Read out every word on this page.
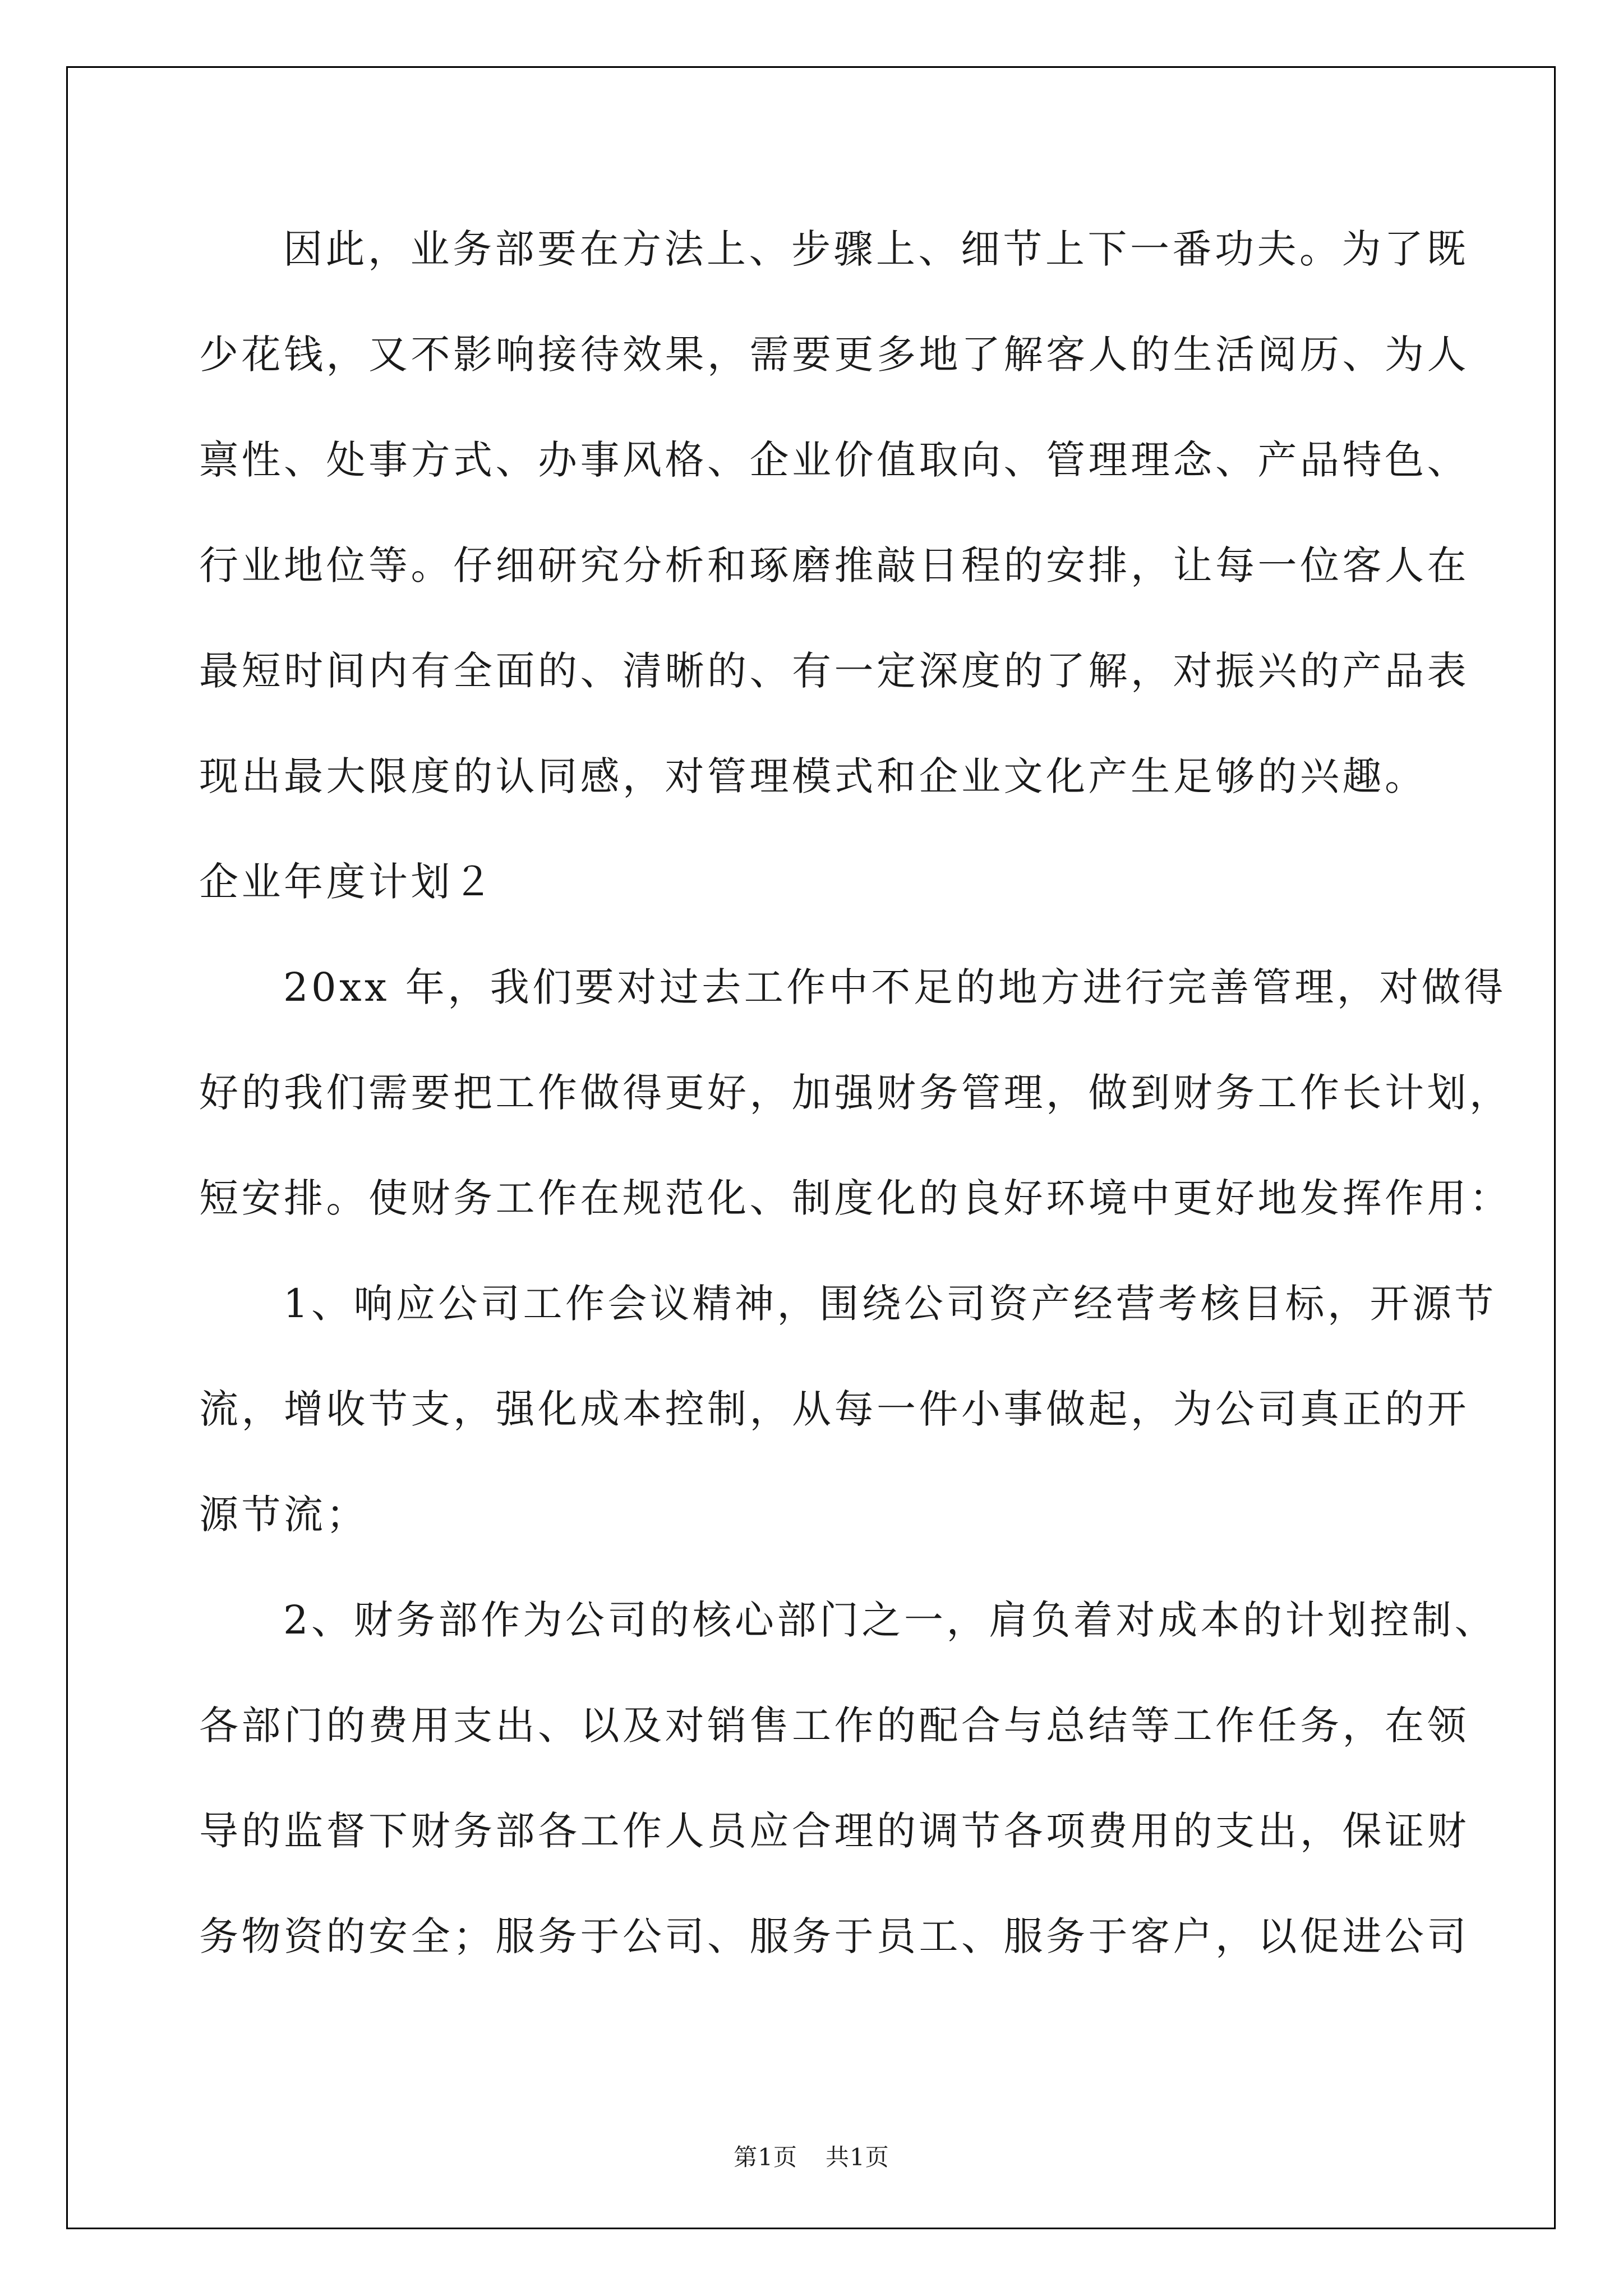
因此，业务部要在方法上、步骤上、细节上下一番功夫。为了既
少花钱，又不影响接待效果，需要更多地了解客人的生活阅历、为人
禀性、处事方式、办事风格、企业价值取向、管理理念、产品特色、
行业地位等。仔细研究分析和琢磨推敲日程的安排，让每一位客人在
最短时间内有全面的、清晰的、有一定深度的了解，对振兴的产品表
现出最大限度的认同感，对管理模式和企业文化产生足够的兴趣。
企业年度计划２
20xx 年，我们要对过去工作中不足的地方进行完善管理，对做得
好的我们需要把工作做得更好，加强财务管理，做到财务工作长计划，
短安排。使财务工作在规范化、制度化的良好环境中更好地发挥作用：
1、响应公司工作会议精神，围绕公司资产经营考核目标，开源节
流，增收节支，强化成本控制，从每一件小事做起，为公司真正的开
源节流；
2、财务部作为公司的核心部门之一，肩负着对成本的计划控制、
各部门的费用支出、以及对销售工作的配合与总结等工作任务，在领
导的监督下财务部各工作人员应合理的调节各项费用的支出，保证财
务物资的安全；服务于公司、服务于员工、服务于客户，以促进公司
第1页 共1页
